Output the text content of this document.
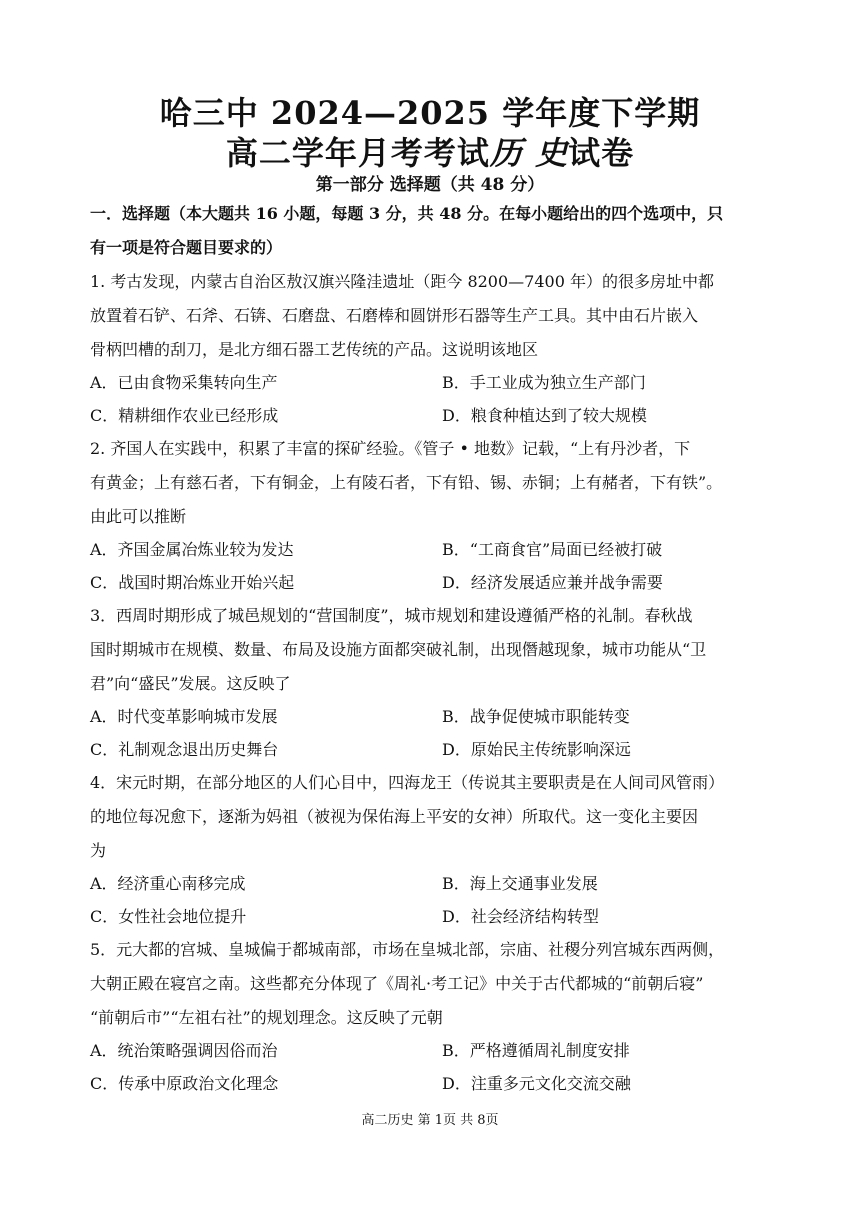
哈三中 2024—2025 学年度下学期
高二学年月考考试历 史试卷
第一部分 选择题（共 48 分）
一．选择题（本大题共 16 小题，每题 3 分，共 48 分。在每小题给出的四个选项中，只
有一项是符合题目要求的）
1. 考古发现，内蒙古自治区敖汉旗兴隆洼遗址（距今 8200—7400 年）的很多房址中都
放置着石铲、石斧、石锛、石磨盘、石磨棒和圆饼形石器等生产工具。其中由石片嵌入
骨柄凹槽的刮刀，是北方细石器工艺传统的产品。这说明该地区
A．已由食物采集转向生产	B．手工业成为独立生产部门
C．精耕细作农业已经形成	D．粮食种植达到了较大规模
2. 齐国人在实践中，积累了丰富的探矿经验。《管子 • 地数》记载，“上有丹沙者，下
有黄金；上有慈石者，下有铜金，上有陵石者，下有铅、锡、赤铜；上有赭者，下有铁”。
由此可以推断
A．齐国金属冶炼业较为发达	B．“工商食官”局面已经被打破
C．战国时期冶炼业开始兴起	D．经济发展适应兼并战争需要
3．西周时期形成了城邑规划的“营国制度”，城市规划和建设遵循严格的礼制。春秋战
国时期城市在规模、数量、布局及设施方面都突破礼制，出现僭越现象，城市功能从“卫
君”向“盛民”发展。这反映了
A．时代变革影响城市发展	B．战争促使城市职能转变
C．礼制观念退出历史舞台	D．原始民主传统影响深远
4．宋元时期，在部分地区的人们心目中，四海龙王（传说其主要职责是在人间司风管雨）
的地位每况愈下，逐渐为妈祖（被视为保佑海上平安的女神）所取代。这一变化主要因
为
A．经济重心南移完成	B．海上交通事业发展
C．女性社会地位提升	D．社会经济结构转型
5．元大都的宫城、皇城偏于都城南部，市场在皇城北部，宗庙、社稷分列宫城东西两侧，
大朝正殿在寝宫之南。这些都充分体现了《周礼·考工记》中关于古代都城的“前朝后寝”
“前朝后市”“左祖右社”的规划理念。这反映了元朝
A．统治策略强调因俗而治	B．严格遵循周礼制度安排
C．传承中原政治文化理念	D．注重多元文化交流交融
高二历史 第 1页 共 8页
